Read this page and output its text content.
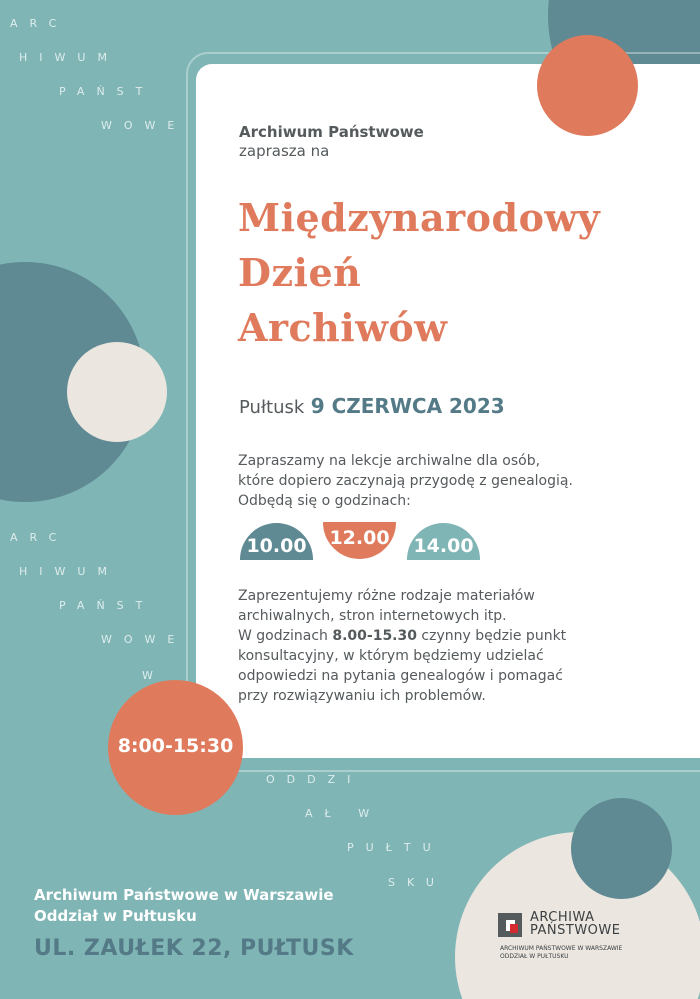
ARC
HIWUM
PAŃST
WOWE
ARC
HIWUM
PAŃST
WOWE
W
ODDZI
AŁ W
PUŁTU
SKU
Archiwum Państwowe
zaprasza na
Międzynarodowy
Dzień
Archiwów
Pułtusk 9 CZERWCA 2023
Zapraszamy na lekcje archiwalne dla osób,
które dopiero zaczynają przygodę z genealogią.
Odbędą się o godzinach:
10.00	12.00	14.00
Zaprezentujemy różne rodzaje materiałów
archiwalnych, stron internetowych itp.
W godzinach 8.00-15.30 czynny będzie punkt
konsultacyjny, w którym będziemy udzielać
odpowiedzi na pytania genealogów i pomagać
przy rozwiązywaniu ich problemów.
8:00-15:30
Archiwum Państwowe w Warszawie
Oddział w Pułtusku
UL. ZAUŁEK 22, PUŁTUSK
ARCHIWA
PAŃSTWOWE
ARCHIWUM PAŃSTWOWE W WARSZAWIE
ODDZIAŁ W PUŁTUSKU
